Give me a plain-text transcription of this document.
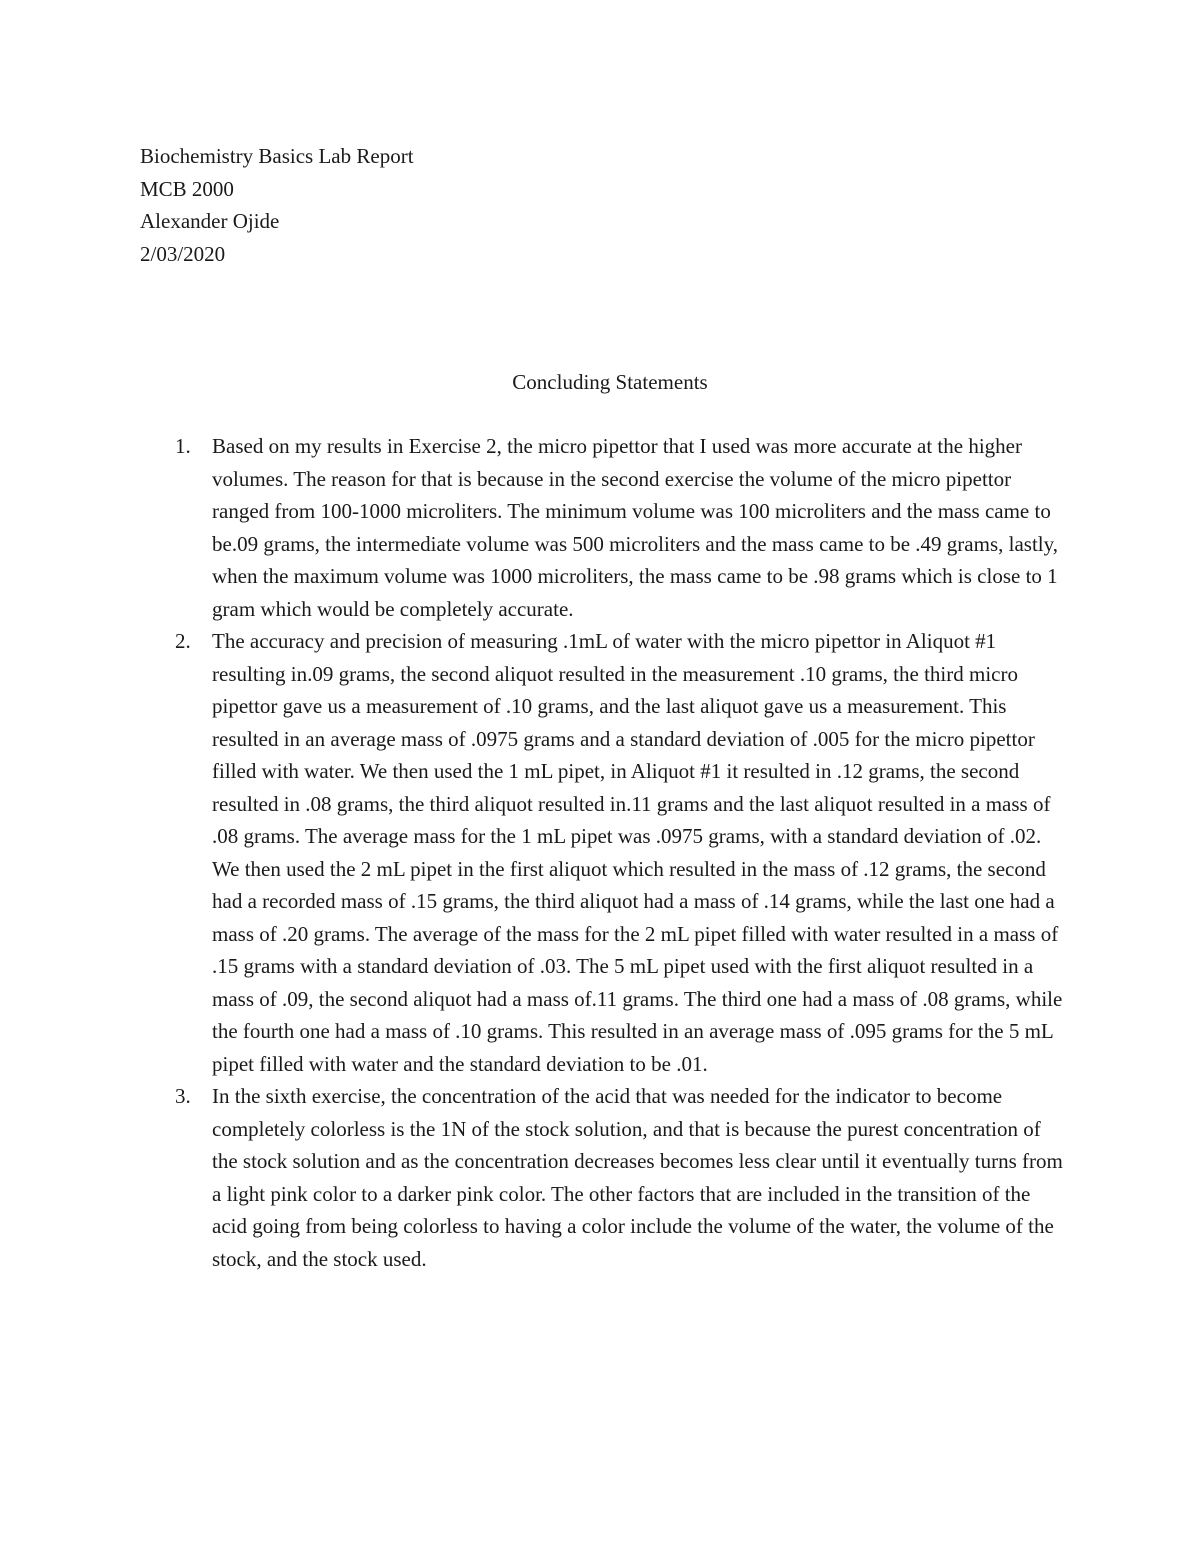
Biochemistry Basics Lab Report
MCB 2000
Alexander Ojide
2/03/2020
Concluding Statements
1. Based on my results in Exercise 2, the micro pipettor that I used was more accurate at the higher volumes. The reason for that is because in the second exercise the volume of the micro pipettor ranged from 100-1000 microliters. The minimum volume was 100 microliters and the mass came to be.09 grams, the intermediate volume was 500 microliters and the mass came to be .49 grams, lastly, when the maximum volume was 1000 microliters, the mass came to be .98 grams which is close to 1 gram which would be completely accurate.
2. The accuracy and precision of measuring .1mL of water with the micro pipettor in Aliquot #1 resulting in.09 grams, the second aliquot resulted in the measurement .10 grams, the third micro pipettor gave us a measurement of .10 grams, and the last aliquot gave us a measurement. This resulted in an average mass of .0975 grams and a standard deviation of .005 for the micro pipettor filled with water. We then used the 1 mL pipet, in Aliquot #1 it resulted in .12 grams, the second resulted in .08 grams, the third aliquot resulted in.11 grams and the last aliquot resulted in a mass of .08 grams. The average mass for the 1 mL pipet was .0975 grams, with a standard deviation of .02. We then used the 2 mL pipet in the first aliquot which resulted in the mass of .12 grams, the second had a recorded mass of .15 grams, the third aliquot had a mass of .14 grams, while the last one had a mass of .20 grams. The average of the mass for the 2 mL pipet filled with water resulted in a mass of .15 grams with a standard deviation of .03. The 5 mL pipet used with the first aliquot resulted in a mass of .09, the second aliquot had a mass of.11 grams. The third one had a mass of .08 grams, while the fourth one had a mass of .10 grams. This resulted in an average mass of .095 grams for the 5 mL pipet filled with water and the standard deviation to be .01.
3. In the sixth exercise, the concentration of the acid that was needed for the indicator to become completely colorless is the 1N of the stock solution, and that is because the purest concentration of the stock solution and as the concentration decreases becomes less clear until it eventually turns from a light pink color to a darker pink color. The other factors that are included in the transition of the acid going from being colorless to having a color include the volume of the water, the volume of the stock, and the stock used.
